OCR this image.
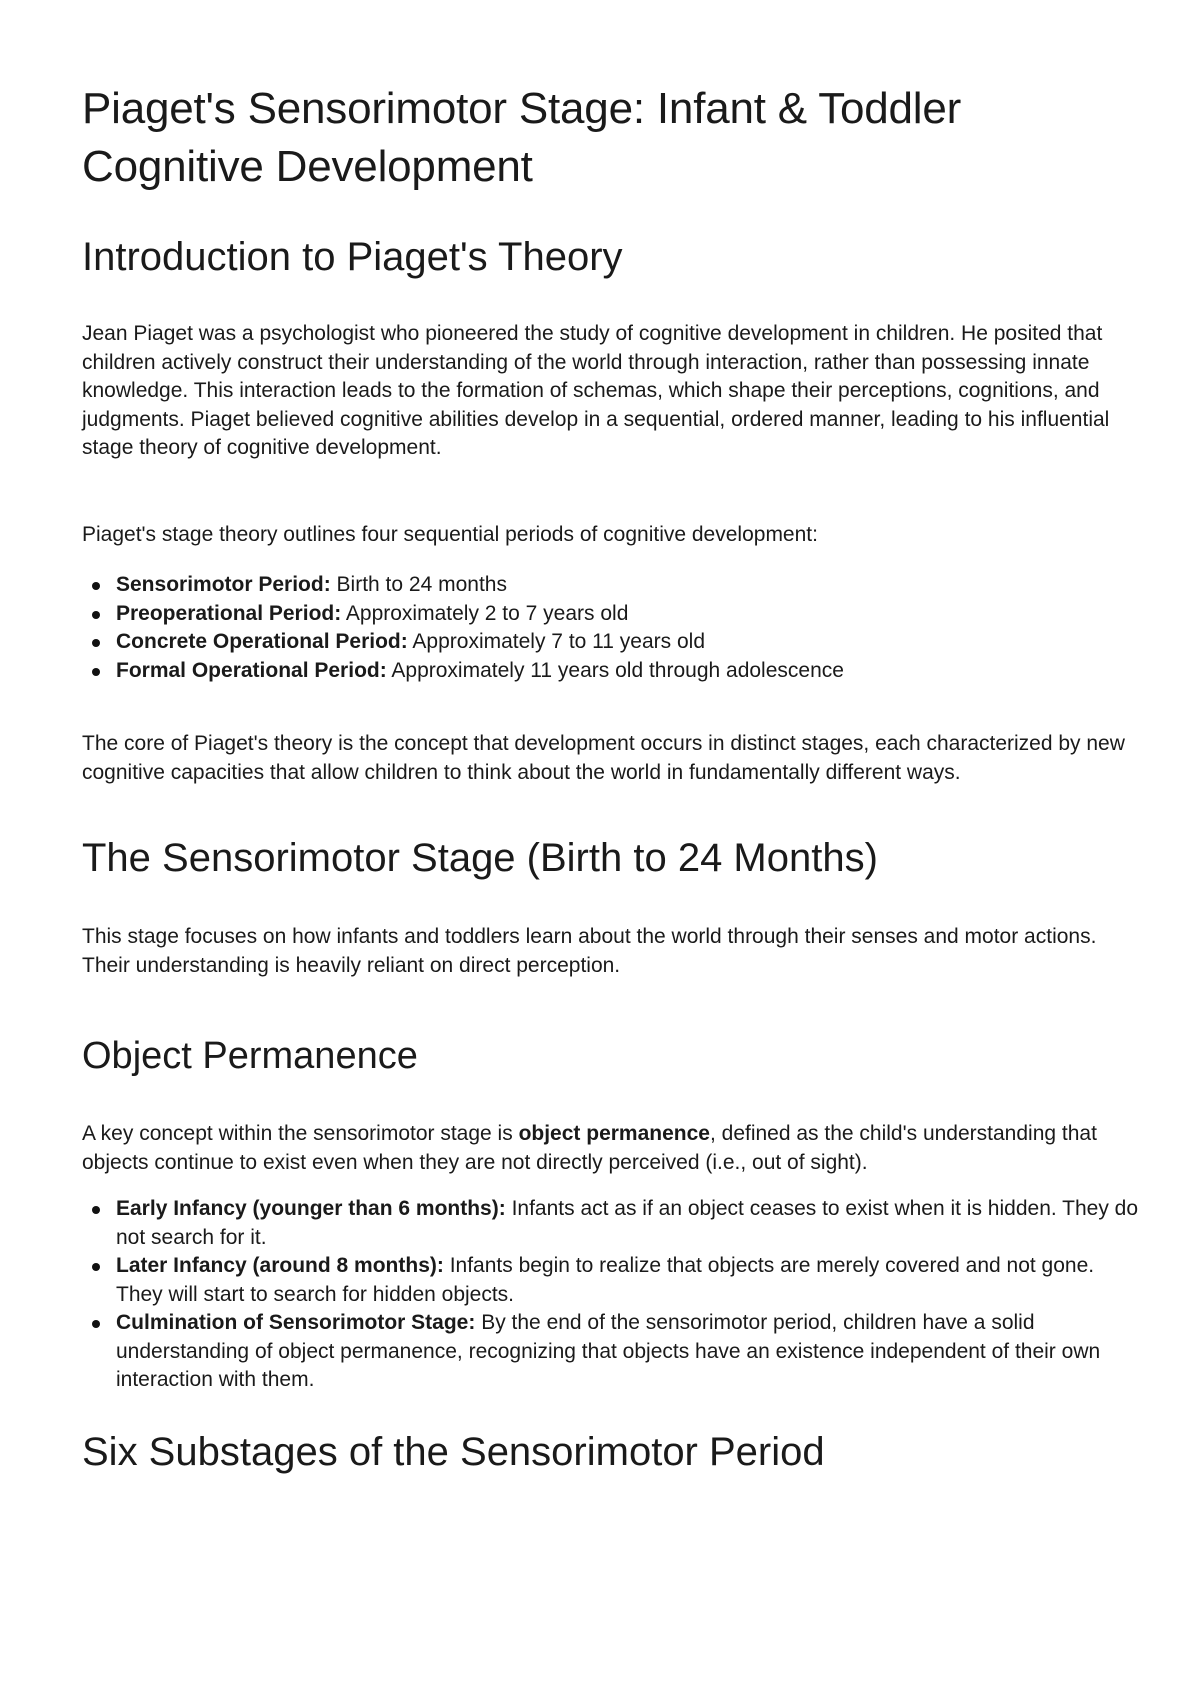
Piaget's Sensorimotor Stage: Infant & Toddler Cognitive Development
Introduction to Piaget's Theory

Jean Piaget was a psychologist who pioneered the study of cognitive development in children. He posited that children actively construct their understanding of the world through interaction, rather than possessing innate knowledge. This interaction leads to the formation of schemas, which shape their perceptions, cognitions, and judgments. Piaget believed cognitive abilities develop in a sequential, ordered manner, leading to his influential stage theory of cognitive development.

Piaget's stage theory outlines four sequential periods of cognitive development:

Sensorimotor Period: Birth to 24 months
Preoperational Period: Approximately 2 to 7 years old
Concrete Operational Period: Approximately 7 to 11 years old
Formal Operational Period: Approximately 11 years old through adolescence

The core of Piaget's theory is the concept that development occurs in distinct stages, each characterized by new cognitive capacities that allow children to think about the world in fundamentally different ways.

The Sensorimotor Stage (Birth to 24 Months)

This stage focuses on how infants and toddlers learn about the world through their senses and motor actions. Their understanding is heavily reliant on direct perception.

Object Permanence

A key concept within the sensorimotor stage is object permanence, defined as the child's understanding that objects continue to exist even when they are not directly perceived (i.e., out of sight).

Early Infancy (younger than 6 months): Infants act as if an object ceases to exist when it is hidden. They do not search for it.
Later Infancy (around 8 months): Infants begin to realize that objects are merely covered and not gone. They will start to search for hidden objects.
Culmination of Sensorimotor Stage: By the end of the sensorimotor period, children have a solid understanding of object permanence, recognizing that objects have an existence independent of their own interaction with them.
Six Substages of the Sensorimotor Period
